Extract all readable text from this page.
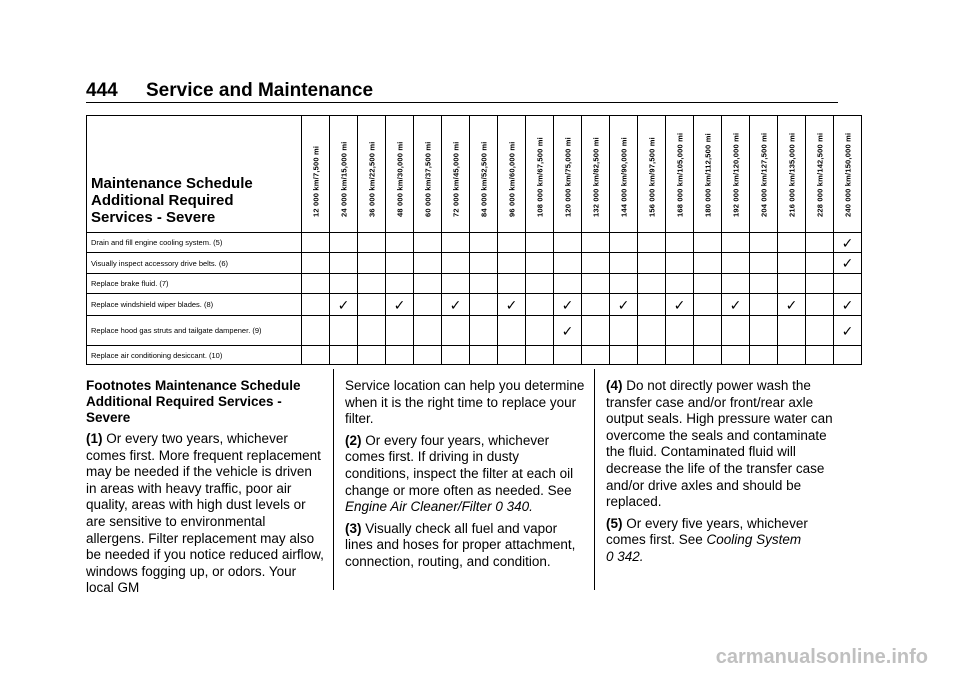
444 Service and Maintenance
Maintenance Schedule
Additional Required
Services - Severe	12 000 km/7,500 mi	24 000 km/15,000 mi	36 000 km/22,500 mi	48 000 km/30,000 mi	60 000 km/37,500 mi	72 000 km/45,000 mi	84 000 km/52,500 mi	96 000 km/60,000 mi	108 000 km/67,500 mi	120 000 km/75,000 mi	132 000 km/82,500 mi	144 000 km/90,000 mi	156 000 km/97,500 mi	168 000 km/105,000 mi	180 000 km/112,500 mi	192 000 km/120,000 mi	204 000 km/127,500 mi	216 000 km/135,000 mi	228 000 km/142,500 mi	240 000 km/150,000 mi

Drain and fill engine cooling system. (5)																				✓
Visually inspect accessory drive belts. (6)																				✓
Replace brake fluid. (7)																				
Replace windshield wiper blades. (8)		✓		✓		✓		✓		✓		✓		✓		✓		✓		✓
Replace hood gas struts and tailgate dampener. (9)										✓										✓
Replace air conditioning desiccant. (10)																				
Footnotes Maintenance Schedule Additional Required Services - Severe

(1) Or every two years, whichever comes first. More frequent replacement may be needed if the vehicle is driven in areas with heavy traffic, poor air quality, areas with high dust levels or are sensitive to environmental allergens. Filter replacement may also be needed if you notice reduced airflow, windows fogging up, or odors. Your local GM

Service location can help you determine when it is the right time to replace your filter.

(2) Or every four years, whichever comes first. If driving in dusty conditions, inspect the filter at each oil change or more often as needed. See Engine Air Cleaner/Filter 0 340.

(3) Visually check all fuel and vapor lines and hoses for proper attachment, connection, routing, and condition.

(4) Do not directly power wash the transfer case and/or front/rear axle output seals. High pressure water can overcome the seals and contaminate the fluid. Contaminated fluid will decrease the life of the transfer case and/or drive axles and should be replaced.

(5) Or every five years, whichever comes first. See Cooling System
0 342.

carmanualsonline.info
